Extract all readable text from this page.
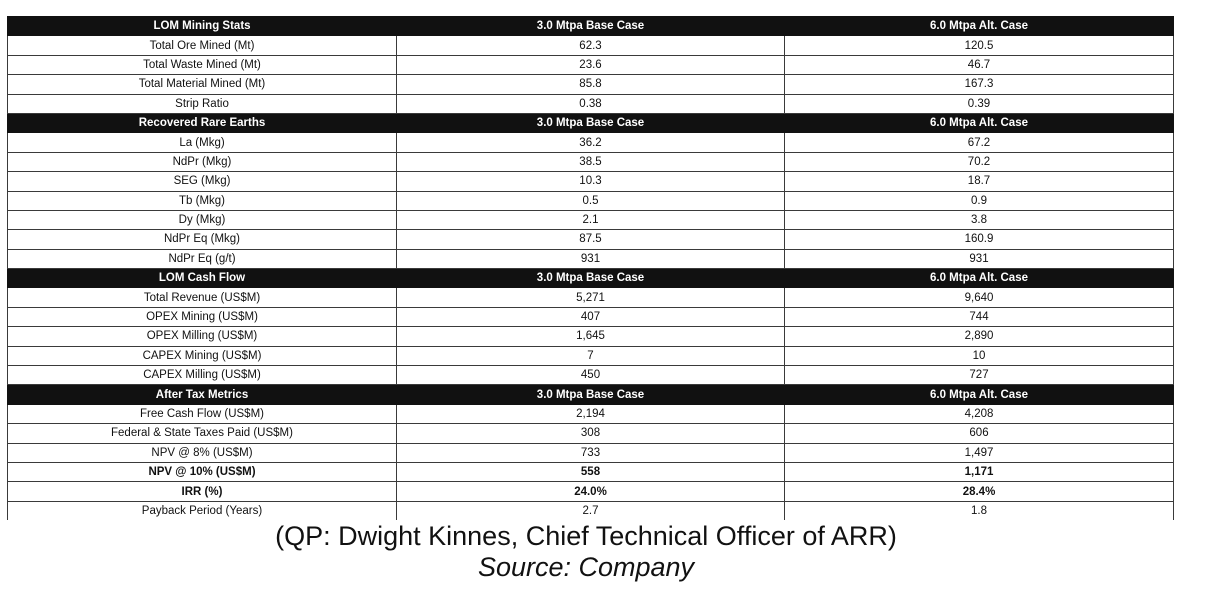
LOM Mining Stats	3.0 Mtpa Base Case	6.0 Mtpa Alt. Case
Total Ore Mined (Mt)	62.3	120.5
Total Waste Mined (Mt)	23.6	46.7
Total Material Mined (Mt)	85.8	167.3
Strip Ratio	0.38	0.39
Recovered Rare Earths	3.0 Mtpa Base Case	6.0 Mtpa Alt. Case
La (Mkg)	36.2	67.2
NdPr (Mkg)	38.5	70.2
SEG (Mkg)	10.3	18.7
Tb (Mkg)	0.5	0.9
Dy (Mkg)	2.1	3.8
NdPr Eq (Mkg)	87.5	160.9
NdPr Eq (g/t)	931	931
LOM Cash Flow	3.0 Mtpa Base Case	6.0 Mtpa Alt. Case
Total Revenue (US$M)	5,271	9,640
OPEX Mining (US$M)	407	744
OPEX Milling (US$M)	1,645	2,890
CAPEX Mining (US$M)	7	10
CAPEX Milling (US$M)	450	727
After Tax Metrics	3.0 Mtpa Base Case	6.0 Mtpa Alt. Case
Free Cash Flow (US$M)	2,194	4,208
Federal & State Taxes Paid (US$M)	308	606
NPV @ 8% (US$M)	733	1,497
NPV @ 10% (US$M)	558	1,171
IRR (%)	24.0%	28.4%
Payback Period (Years)	2.7	1.8

(QP: Dwight Kinnes, Chief Technical Officer of ARR)

Source: Company
